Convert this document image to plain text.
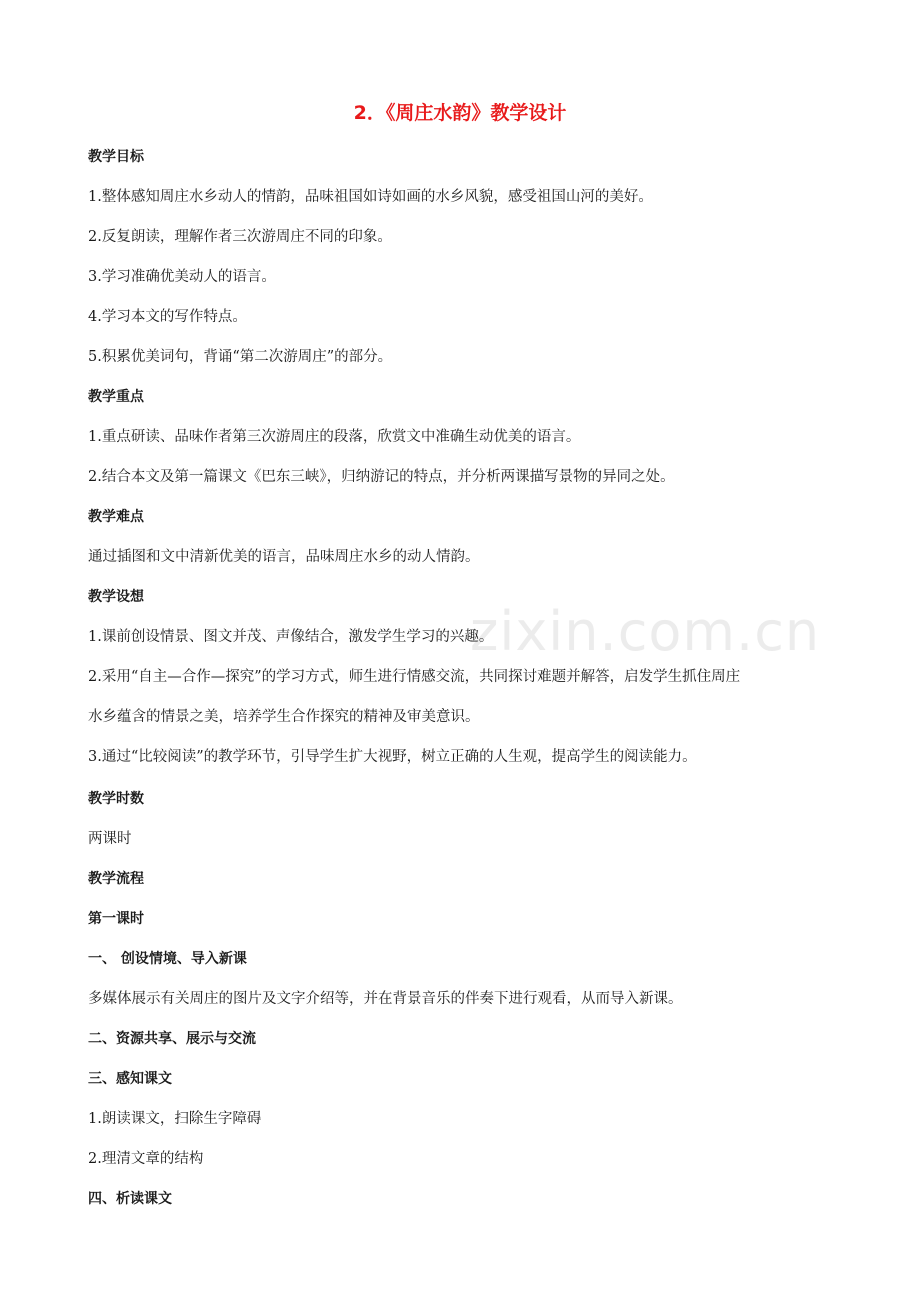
2．《周庄水韵》教学设计
zixin.com.cn
教学目标
1.整体感知周庄水乡动人的情韵，品味祖国如诗如画的水乡风貌，感受祖国山河的美好。
2.反复朗读，理解作者三次游周庄不同的印象。
3.学习准确优美动人的语言。
4.学习本文的写作特点。
5.积累优美词句，背诵“第二次游周庄”的部分。
教学重点
1.重点研读、品味作者第三次游周庄的段落，欣赏文中准确生动优美的语言。
2.结合本文及第一篇课文《巴东三峡》，归纳游记的特点，并分析两课描写景物的异同之处。
教学难点
通过插图和文中清新优美的语言，品味周庄水乡的动人情韵。
教学设想
1.课前创设情景、图文并茂、声像结合，激发学生学习的兴趣。
2.采用“自主—合作—探究”的学习方式，师生进行情感交流，共同探讨难题并解答，启发学生抓住周庄
水乡蕴含的情景之美，培养学生合作探究的精神及审美意识。
3.通过“比较阅读”的教学环节，引导学生扩大视野，树立正确的人生观，提高学生的阅读能力。
教学时数
两课时
教学流程
第一课时
一、 创设情境、导入新课
多媒体展示有关周庄的图片及文字介绍等，并在背景音乐的伴奏下进行观看，从而导入新课。
二、资源共享、展示与交流
三、感知课文
1.朗读课文，扫除生字障碍
2.理清文章的结构
四、析读课文
